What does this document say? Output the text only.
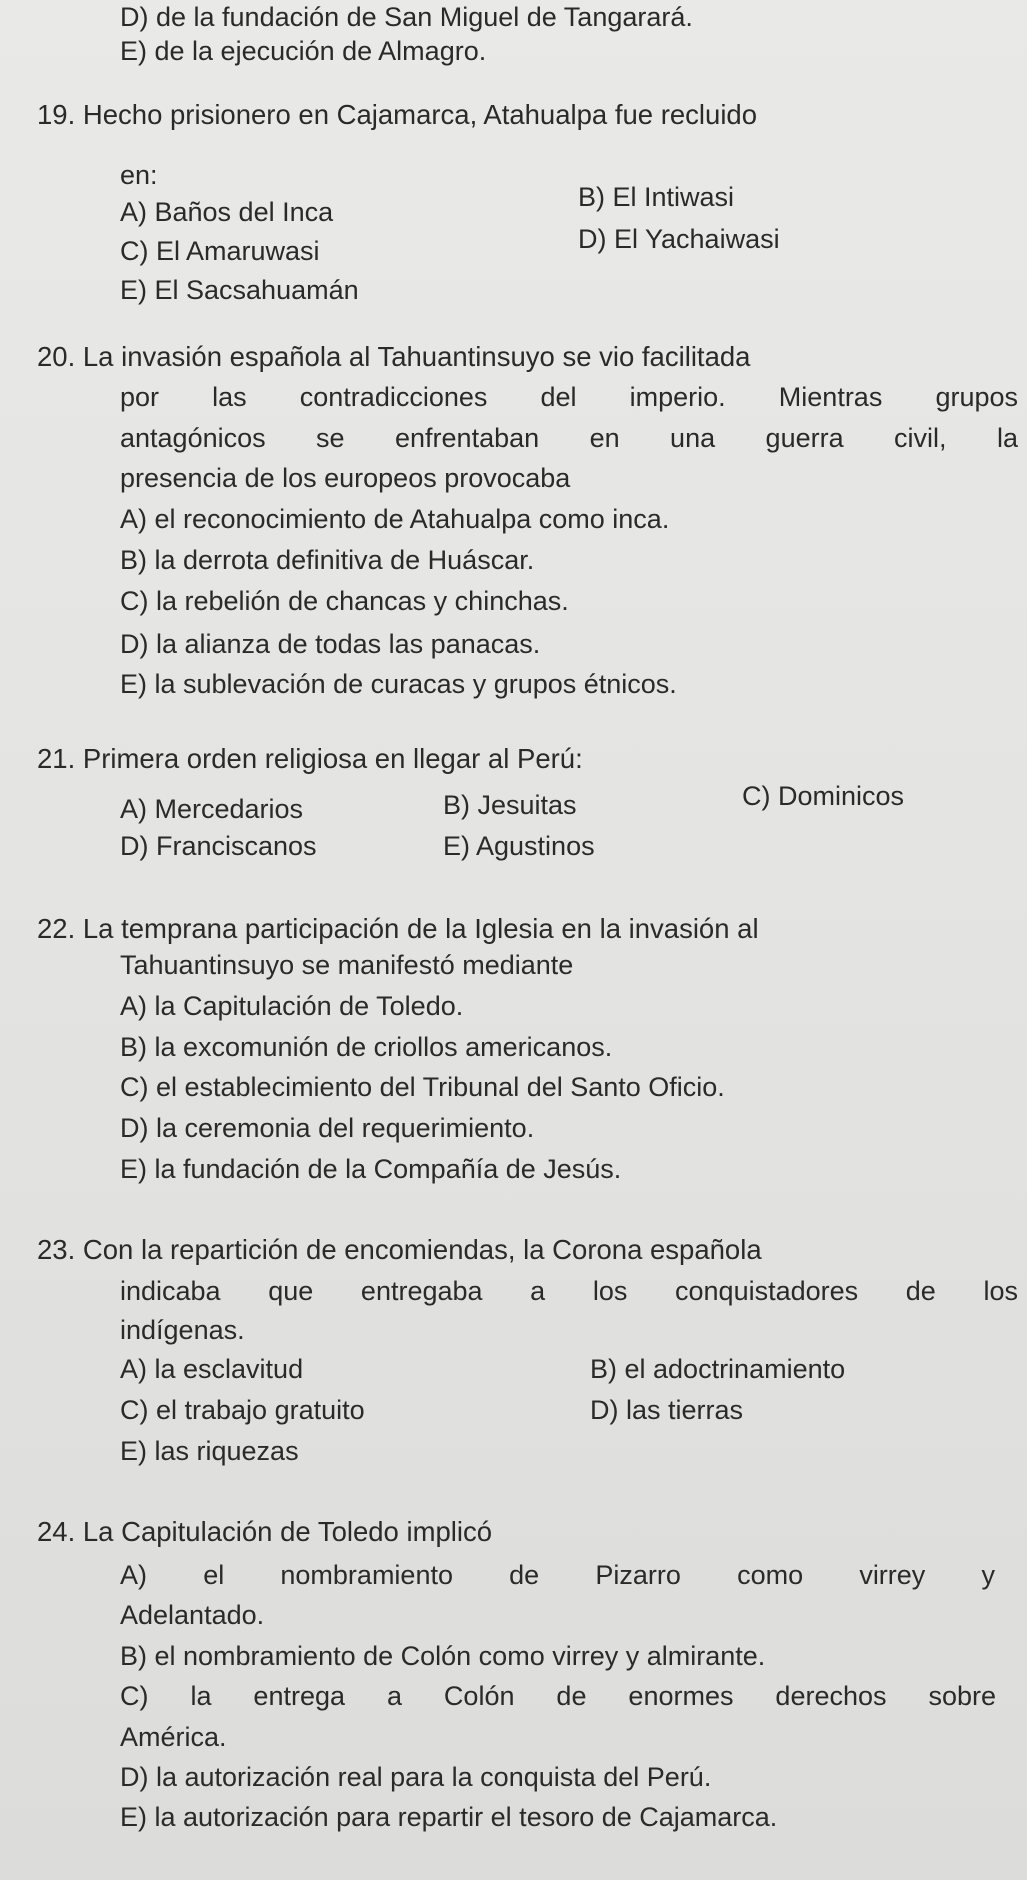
D) de la fundación de San Miguel de Tangarará.
E) de la ejecución de Almagro.
19. Hecho prisionero en Cajamarca, Atahualpa fue recluido
en:
A) Baños del Inca	B) El Intiwasi
C) El Amaruwasi	D) El Yachaiwasi
E) El Sacsahuamán
20. La invasión española al Tahuantinsuyo se vio facilitada
por las contradicciones del imperio. Mientras grupos
antagónicos se enfrentaban en una guerra civil, la
presencia de los europeos provocaba
A) el reconocimiento de Atahualpa como inca.
B) la derrota definitiva de Huáscar.
C) la rebelión de chancas y chinchas.
D) la alianza de todas las panacas.
E) la sublevación de curacas y grupos étnicos.
21. Primera orden religiosa en llegar al Perú:
A) Mercedarios	B) Jesuitas	C) Dominicos
D) Franciscanos	E) Agustinos
22. La temprana participación de la Iglesia en la invasión al
Tahuantinsuyo se manifestó mediante
A) la Capitulación de Toledo.
B) la excomunión de criollos americanos.
C) el establecimiento del Tribunal del Santo Oficio.
D) la ceremonia del requerimiento.
E) la fundación de la Compañía de Jesús.
23. Con la repartición de encomiendas, la Corona española
indicaba que entregaba a los conquistadores de los
indígenas.
A) la esclavitud	B) el adoctrinamiento
C) el trabajo gratuito	D) las tierras
E) las riquezas
24. La Capitulación de Toledo implicó
A) el nombramiento de Pizarro como virrey y
Adelantado.
B) el nombramiento de Colón como virrey y almirante.
C) la entrega a Colón de enormes derechos sobre
América.
D) la autorización real para la conquista del Perú.
E) la autorización para repartir el tesoro de Cajamarca.
